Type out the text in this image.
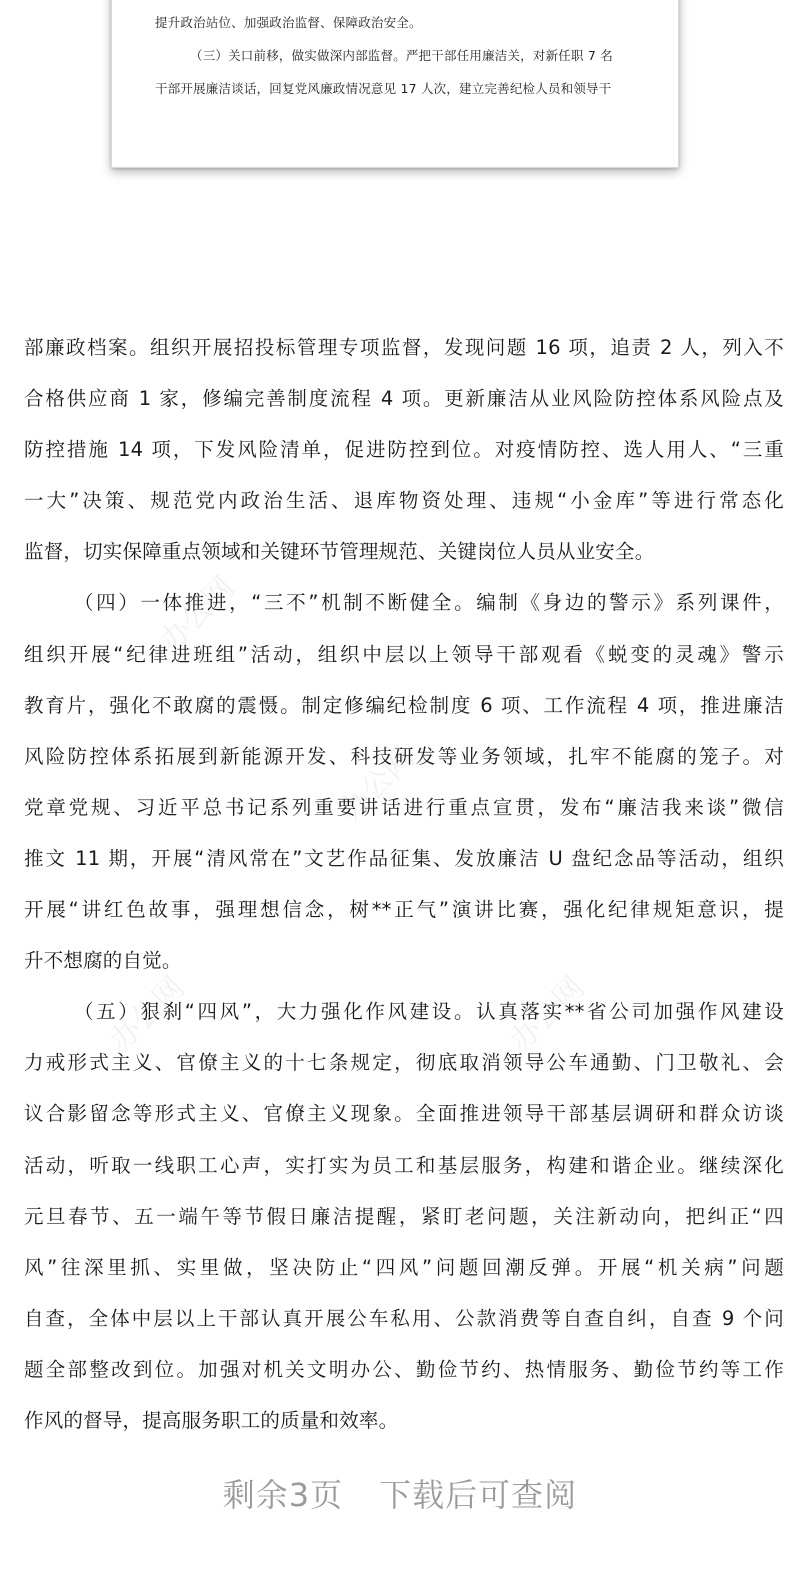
提升政治站位、加强政治监督、保障政治安全。
（三）关口前移，做实做深内部监督。严把干部任用廉洁关，对新任职 7 名
干部开展廉洁谈话，回复党风廉政情况意见 17 人次，建立完善纪检人员和领导干
办公网
办公网
办公网	办公网
部廉政档案。组织开展招投标管理专项监督，发现问题 16 项，追责 2 人，列入不
合格供应商 1 家，修编完善制度流程 4 项。更新廉洁从业风险防控体系风险点及
防控措施 14 项，下发风险清单，促进防控到位。对疫情防控、选人用人、“三重
一大”决策、规范党内政治生活、退库物资处理、违规“小金库”等进行常态化
监督，切实保障重点领域和关键环节管理规范、关键岗位人员从业安全。
（四）一体推进，“三不”机制不断健全。编制《身边的警示》系列课件，
组织开展“纪律进班组”活动，组织中层以上领导干部观看《蜕变的灵魂》警示
教育片，强化不敢腐的震慑。制定修编纪检制度 6 项、工作流程 4 项，推进廉洁
风险防控体系拓展到新能源开发、科技研发等业务领域，扎牢不能腐的笼子。对
党章党规、习近平总书记系列重要讲话进行重点宣贯，发布“廉洁我来谈”微信
推文 11 期，开展“清风常在”文艺作品征集、发放廉洁 U 盘纪念品等活动，组织
开展“讲红色故事，强理想信念，树**正气”演讲比赛，强化纪律规矩意识，提
升不想腐的自觉。
（五）狠刹“四风”，大力强化作风建设。认真落实**省公司加强作风建设
力戒形式主义、官僚主义的十七条规定，彻底取消领导公车通勤、门卫敬礼、会
议合影留念等形式主义、官僚主义现象。全面推进领导干部基层调研和群众访谈
活动，听取一线职工心声，实打实为员工和基层服务，构建和谐企业。继续深化
元旦春节、五一端午等节假日廉洁提醒，紧盯老问题，关注新动向，把纠正“四
风”往深里抓、实里做，坚决防止“四风”问题回潮反弹。开展“机关病”问题
自查，全体中层以上干部认真开展公车私用、公款消费等自查自纠，自查 9 个问
题全部整改到位。加强对机关文明办公、勤俭节约、热情服务、勤俭节约等工作
作风的督导，提高服务职工的质量和效率。
剩余3页 下载后可查阅
